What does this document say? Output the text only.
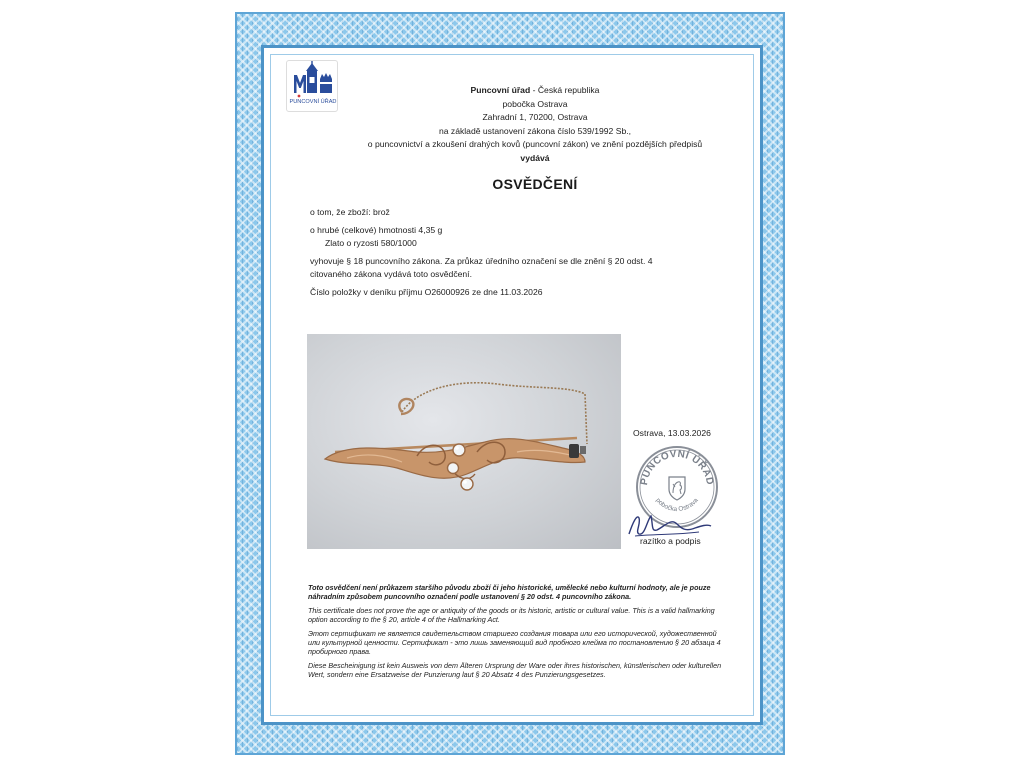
PUNCOVNÍ ÚŘAD
Puncovní úřad - Česká republika
pobočka Ostrava
Zahradní 1, 70200, Ostrava
na základě ustanovení zákona číslo 539/1992 Sb.,
o puncovnictví a zkoušení drahých kovů (puncovní zákon) ve znění pozdějších předpisů
vydává
OSVĚDČENÍ
o tom, že zboží: brož
o hrubé (celkové) hmotnosti 4,35 g
Zlato o ryzosti 580/1000
vyhovuje § 18 puncovního zákona. Za průkaz úředního označení se dle znění § 20 odst. 4
citovaného zákona vydává toto osvědčení.
Číslo položky v deníku příjmu O26000926 ze dne 11.03.2026
Ostrava, 13.03.2026
PUNCOVNÍ ÚŘAD
pobočka Ostrava
razítko a podpis
Toto osvědčení není průkazem staršího původu zboží či jeho historické, umělecké nebo kulturní hodnoty, ale je pouze náhradním způsobem puncovního označení podle ustanovení § 20 odst. 4 puncovního zákona.
This certificate does not prove the age or antiquity of the goods or its historic, artistic or cultural value. This is a valid hallmarking option according to the § 20, article 4 of the Hallmarking Act.
Этот сертификат не является свидетельством старшего создания товара или его исторической, художественной или культурной ценности. Сертификат - это лишь заменяющий вид пробного клейма по постановлению § 20 абзаца 4 пробирного права.
Diese Bescheinigung ist kein Ausweis von dem Älteren Ursprung der Ware oder ihres historischen, künstlerischen oder kulturellen Wert, sondern eine Ersatzweise der Punzierung laut § 20 Absatz 4 des Punzierungsgesetzes.
